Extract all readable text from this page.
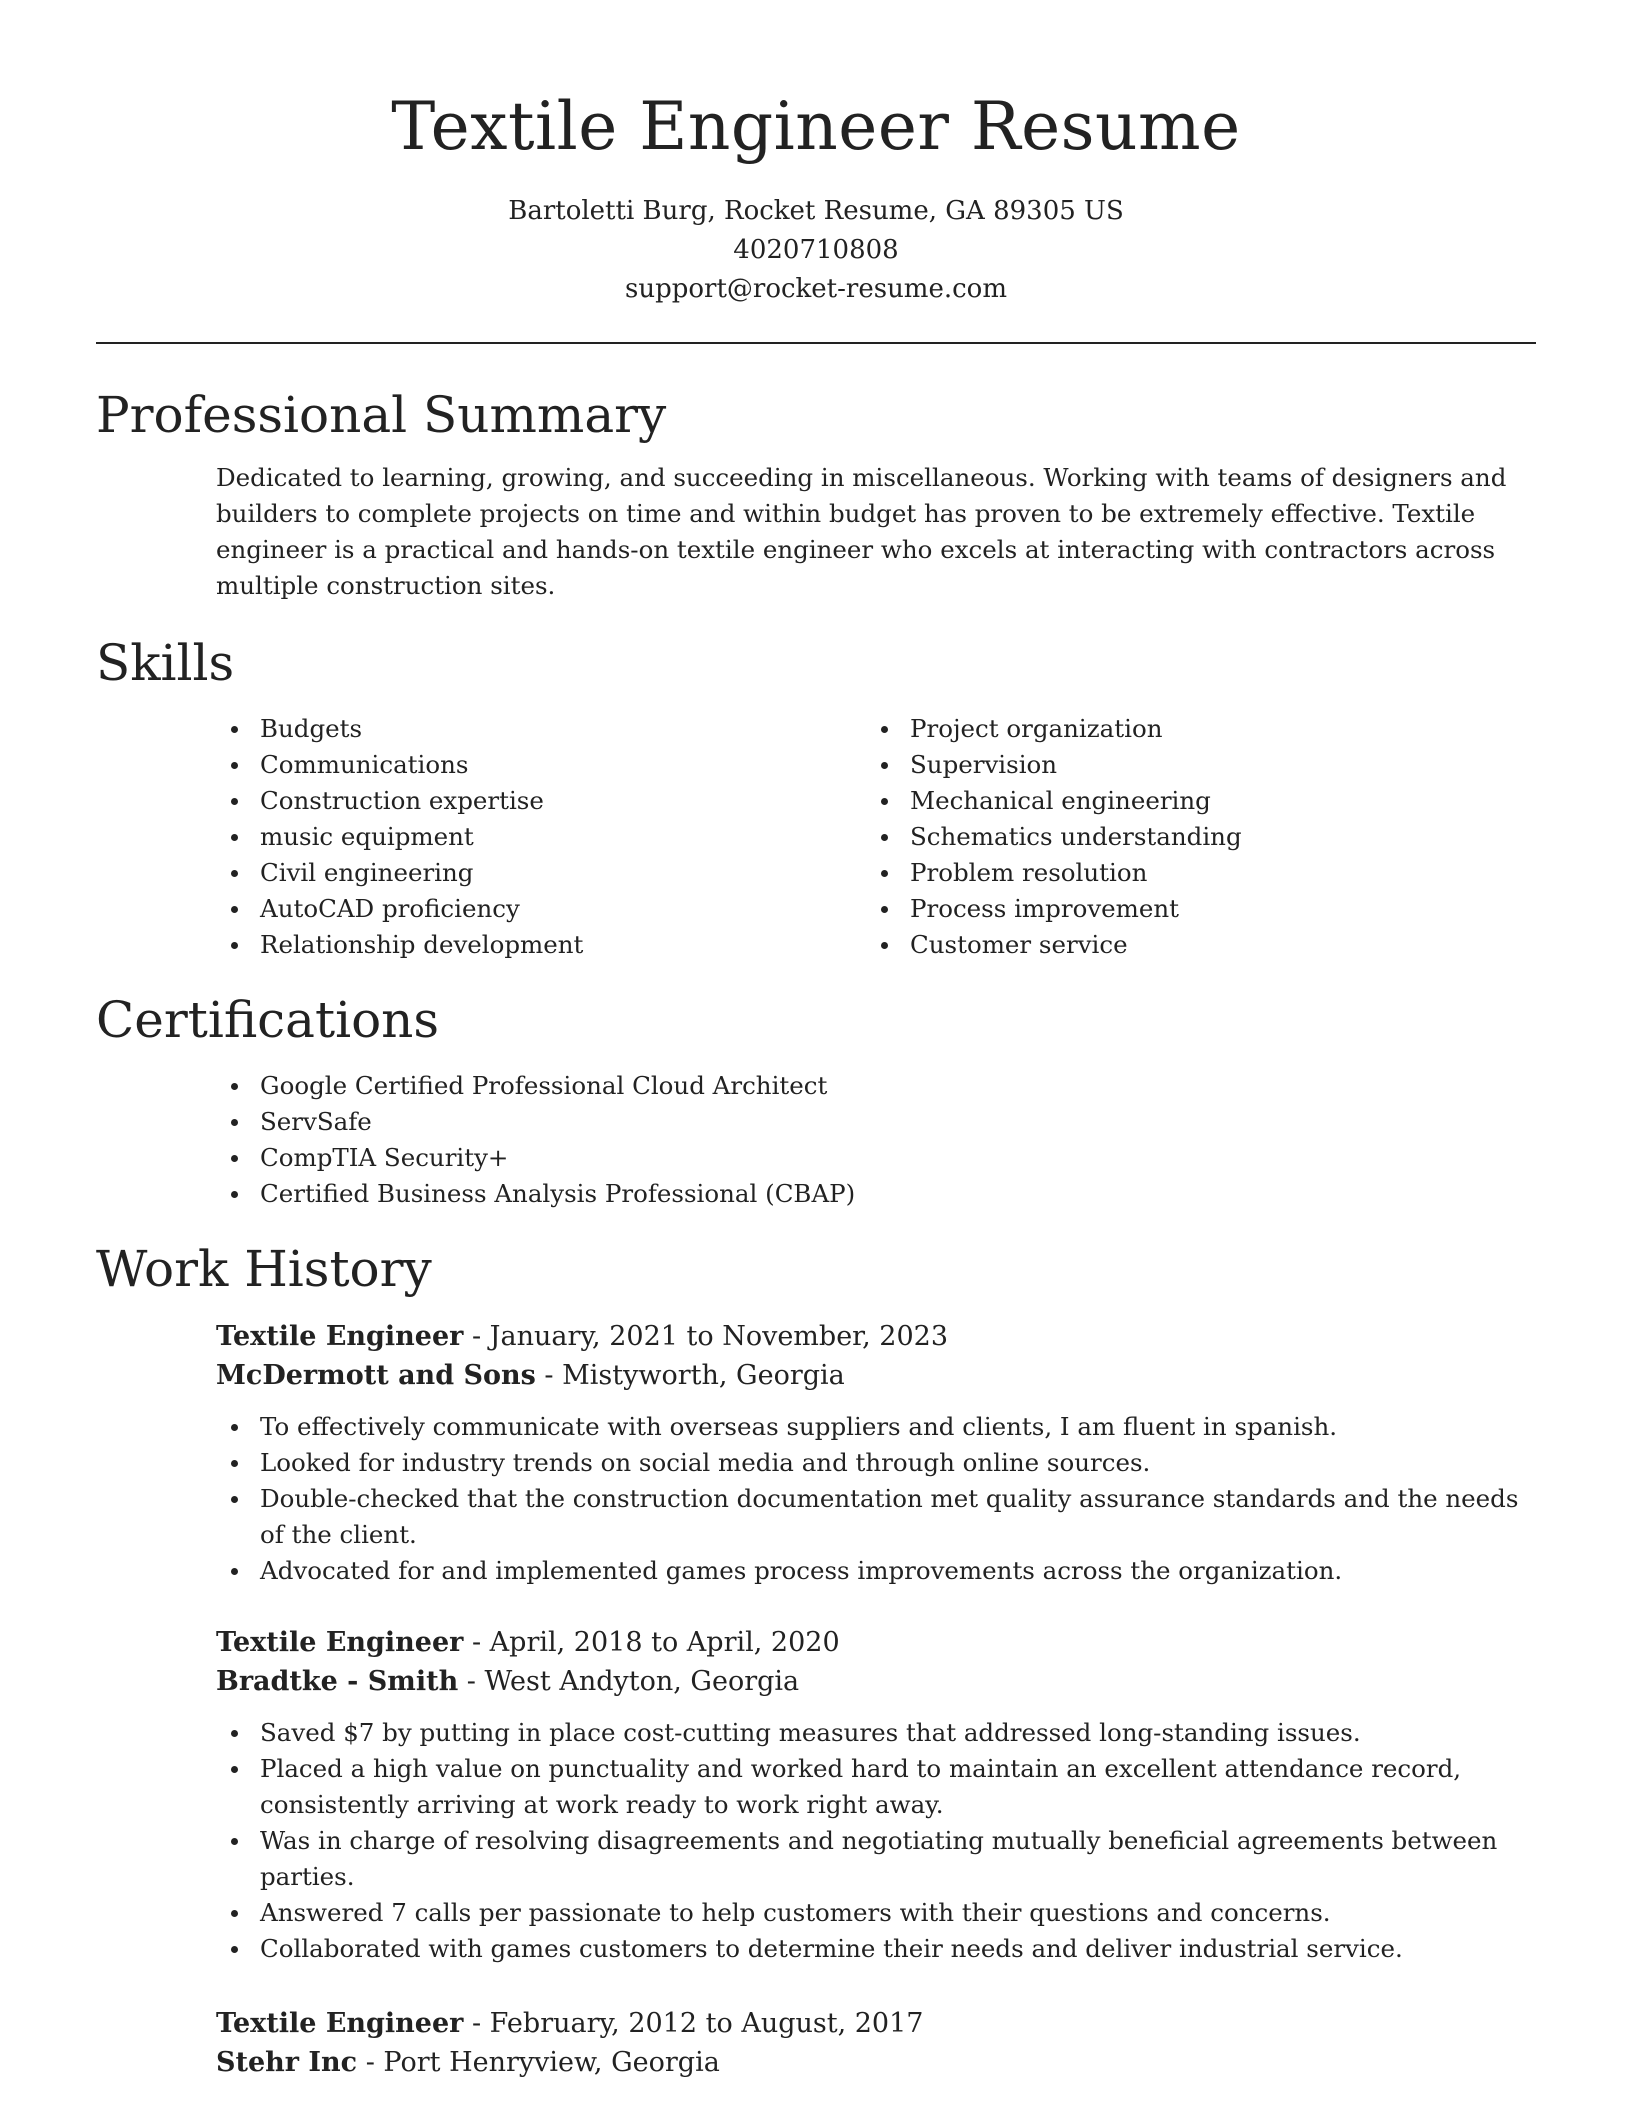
Textile Engineer Resume
Bartoletti Burg, Rocket Resume, GA 89305 US
4020710808
support@rocket-resume.com
Professional Summary

Dedicated to learning, growing, and succeeding in miscellaneous. Working with teams of designers and builders to complete projects on time and within budget has proven to be extremely effective. Textile engineer is a practical and hands-on textile engineer who excels at interacting with contractors across multiple construction sites.

Skills
Budgets
Communications
Construction expertise
music equipment
Civil engineering
AutoCAD proficiency
Relationship development
Project organization
Supervision
Mechanical engineering
Schematics understanding
Problem resolution
Process improvement
Customer service
Certifications
Google Certified Professional Cloud Architect
ServSafe
CompTIA Security+
Certified Business Analysis Professional (CBAP)
Work History

Textile Engineer - January, 2021 to November, 2023

McDermott and Sons - Mistyworth, Georgia

To effectively communicate with overseas suppliers and clients, I am fluent in spanish.
Looked for industry trends on social media and through online sources.
Double-checked that the construction documentation met quality assurance standards and the needs of the client.
Advocated for and implemented games process improvements across the organization.

Textile Engineer - April, 2018 to April, 2020

Bradtke - Smith - West Andyton, Georgia

Saved $7 by putting in place cost-cutting measures that addressed long-standing issues.
Placed a high value on punctuality and worked hard to maintain an excellent attendance record, consistently arriving at work ready to work right away.
Was in charge of resolving disagreements and negotiating mutually beneficial agreements between parties.
Answered 7 calls per passionate to help customers with their questions and concerns.
Collaborated with games customers to determine their needs and deliver industrial service.

Textile Engineer - February, 2012 to August, 2017

Stehr Inc - Port Henryview, Georgia
